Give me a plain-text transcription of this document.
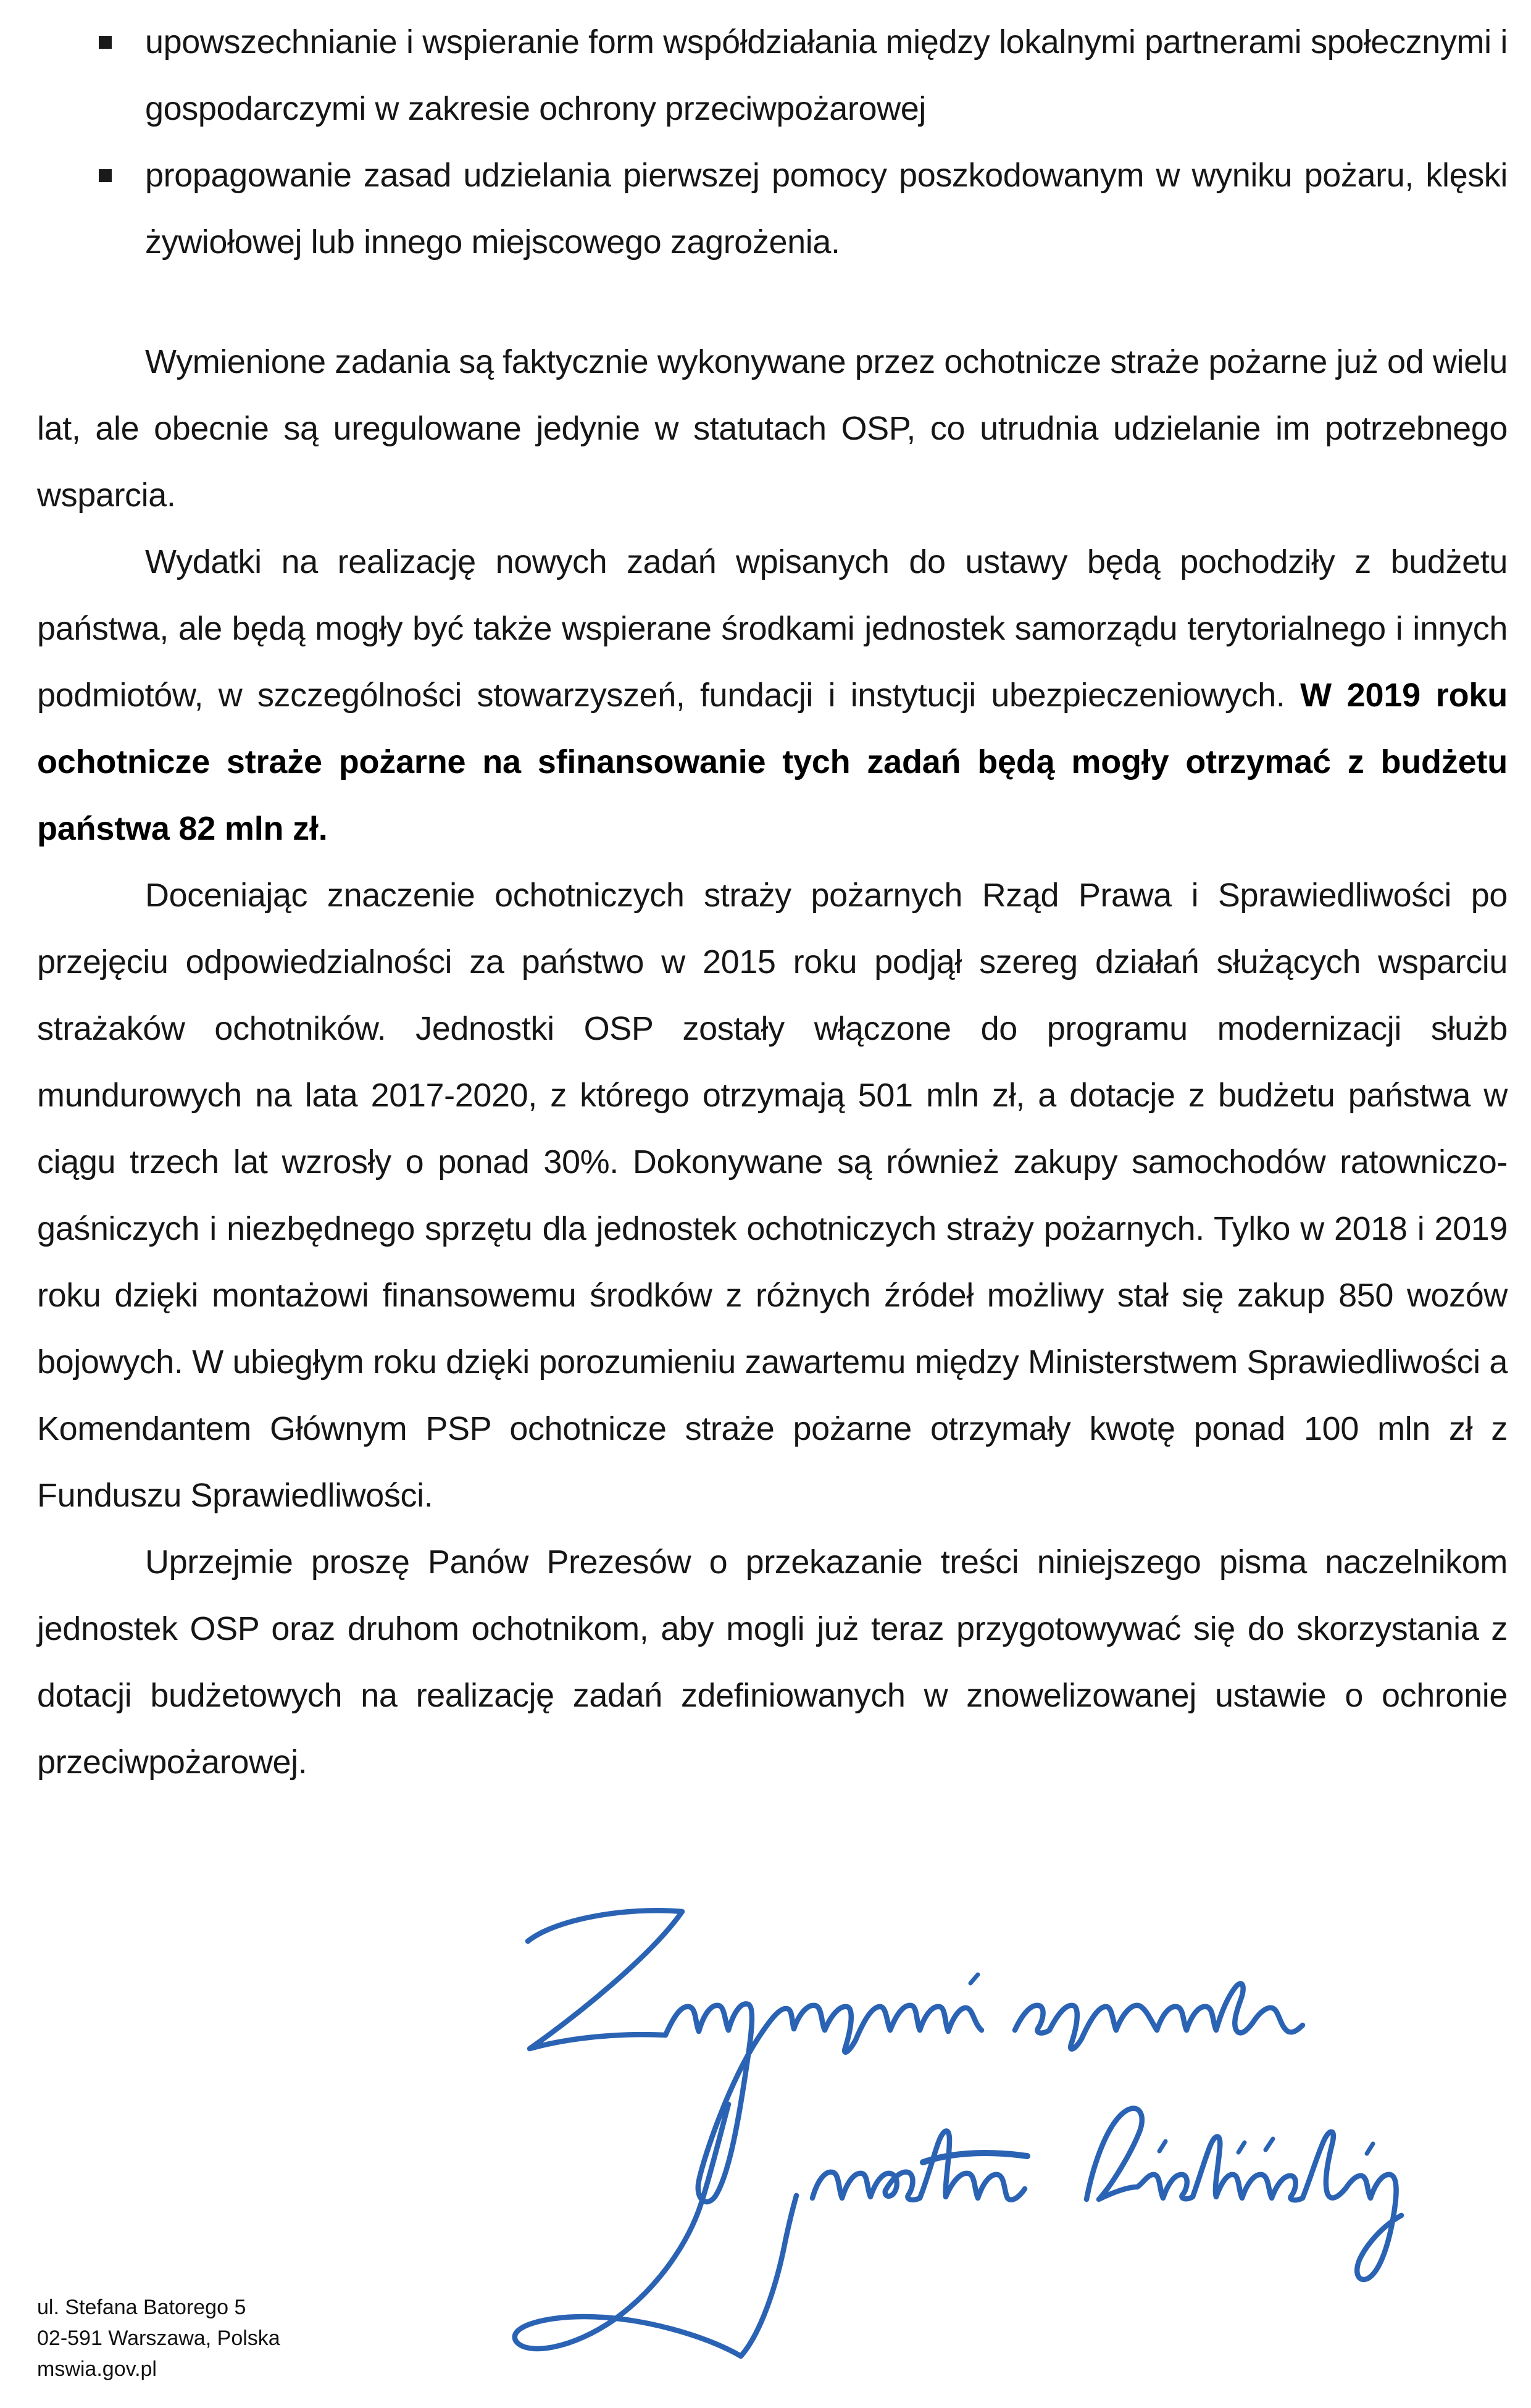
upowszechnianie i wspieranie form współdziałania między lokalnymi partnerami społecznymi i gospodarczymi w zakresie ochrony przeciwpożarowej
propagowanie zasad udzielania pierwszej pomocy poszkodowanym w wyniku pożaru, klęski żywiołowej lub innego miejscowego zagrożenia.

Wymienione zadania są faktycznie wykonywane przez ochotnicze straże pożarne już od wielu lat, ale obecnie są uregulowane jedynie w statutach OSP, co utrudnia udzielanie im potrzebnego wsparcia.

Wydatki na realizację nowych zadań wpisanych do ustawy będą pochodziły z budżetu państwa, ale będą mogły być także wspierane środkami jednostek samorządu terytorialnego i innych podmiotów, w szczególności stowarzyszeń, fundacji i instytucji ubezpieczeniowych. W 2019 roku ochotnicze straże pożarne na sfinansowanie tych zadań będą mogły otrzymać z budżetu państwa 82 mln zł.

Doceniając znaczenie ochotniczych straży pożarnych Rząd Prawa i Sprawiedliwości po przejęciu odpowiedzialności za państwo w 2015 roku podjął szereg działań służących wsparciu strażaków ochotników. Jednostki OSP zostały włączone do programu modernizacji służb mundurowych na lata 2017-2020, z którego otrzymają 501 mln zł, a dotacje z budżetu państwa w ciągu trzech lat wzrosły o ponad 30%. Dokonywane są również zakupy samochodów ratowniczo-gaśniczych i niezbędnego sprzętu dla jednostek ochotniczych straży pożarnych. Tylko w 2018 i 2019 roku dzięki montażowi finansowemu środków z różnych źródeł możliwy stał się zakup 850 wozów bojowych. W ubiegłym roku dzięki porozumieniu zawartemu między Ministerstwem Sprawiedliwości a Komendantem Głównym PSP ochotnicze straże pożarne otrzymały kwotę ponad 100 mln zł z Funduszu Sprawiedliwości.

Uprzejmie proszę Panów Prezesów o przekazanie treści niniejszego pisma naczelnikom jednostek OSP oraz druhom ochotnikom, aby mogli już teraz przygotowywać się do skorzystania z dotacji budżetowych na realizację zadań zdefiniowanych w znowelizowanej ustawie o ochronie przeciwpożarowej.

ul. Stefana Batorego 5
02-591 Warszawa, Polska
mswia.gov.pl
